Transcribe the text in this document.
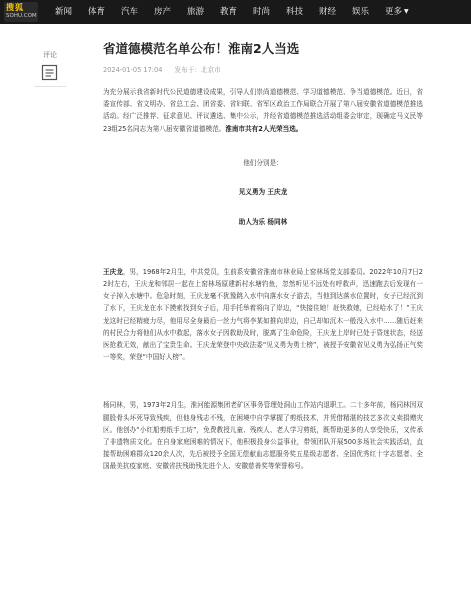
搜狐
SOHU.COM 新闻 体育 汽车 房产 旅游 教育 时尚 科技 财经 娱乐 更多 ▼
评论	省道德模范名单公布！淮南2人当选
2024-01-05 17:04 发布于：北京市

为充分展示我省新时代公民道德建设成果，引导人们崇尚道德模范、学习道德模范、争当道德模范。近日，省委宣传部、省文明办、省总工会、团省委、省妇联、省军区政治工作局联合开展了第八届安徽省道德模范推选活动。经广泛推荐、征求意见、评议遴选、集中公示，并经省道德模范推选活动组委会审定，现确定马义民等23组25名同志为第八届安徽省道德模范。淮南市共有2人光荣当选。

他们分别是：

见义勇为 王庆龙

助人为乐 杨同林

王庆龙，男，1968年2月生，中共党员，生前系安徽省淮南市林业局上窑林场党支部委员。2022年10月7日22时左右，王庆龙和邻居一起在上窑林场原建新村水塘钓鱼，忽然听见不远处有呼救声，迅速跑去后发现有一女子掉入水塘中。危急时刻，王庆龙毫不犹豫跳入水中向落水女子游去，当他到达落水位置时，女子已经沉到了水下，王庆龙在水下摸索找到女子后，用手托举着将向了岸边，“快接住她！赶快救她，已经哈水了！”王庆龙这时已经精疲力尽，他用尽全身最后一丝力气将李某如推向岸边，自己却如沉木一般没入水中……随后赶来的村民合力将他们从水中救起，落水女子因救助及时，脱离了生命危险，王庆龙上岸时已处于昏迷状态，经送医抢救无效，献出了宝贵生命。王庆龙荣登中央政法委“见义勇为勇士榜”，被授予安徽省见义勇为弘扬正气奖一等奖，荣登“中国好人榜”。

杨同林，男，1973年2月生，淮河能源集团老矿区事务管理处洞山工作站内退职工。二十多年前，杨同林因双腿股骨头坏死导致残疾，但他身残志不残，在困境中自学掌握了剪纸技术，并凭借精湛的技艺多次义卖捐赠灾区。他创办“小红船剪纸手工坊”，免费教授儿童、残疾人、老人学习剪纸，既帮助更多的人享受快乐，又传承了非遗物质文化。在自身家庭困难的情况下，他积极投身公益事业，带领团队开展500多场社会实践活动，直接帮助困难群众120余人次，先后被授予全国无偿献血志愿服务奖五星级志愿者、全国优秀红十字志愿者、全国最美抗疫家庭、安徽省扶残助残先进个人、安徽慈善奖等荣誉称号。
